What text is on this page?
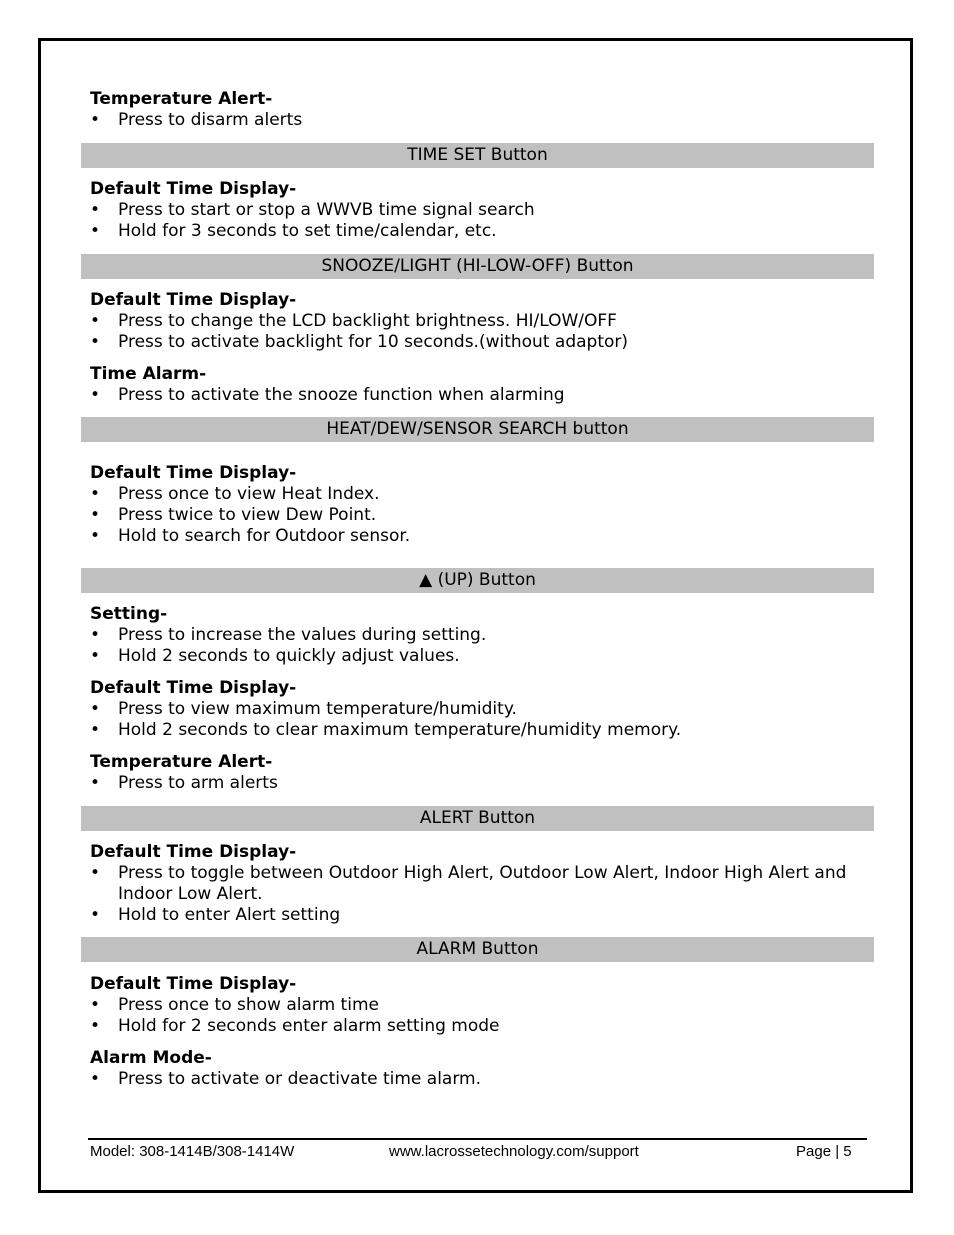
Temperature Alert-
• Press to disarm alerts
TIME SET Button
Default Time Display-
• Press to start or stop a WWVB time signal search
• Hold for 3 seconds to set time/calendar, etc.
SNOOZE/LIGHT (HI-LOW-OFF) Button
Default Time Display-
• Press to change the LCD backlight brightness. HI/LOW/OFF
• Press to activate backlight for 10 seconds.(without adaptor)
Time Alarm-
• Press to activate the snooze function when alarming
HEAT/DEW/SENSOR SEARCH button
Default Time Display-
• Press once to view Heat Index.
• Press twice to view Dew Point.
• Hold to search for Outdoor sensor.
▲ (UP) Button
Setting-
• Press to increase the values during setting.
• Hold 2 seconds to quickly adjust values.
Default Time Display-
• Press to view maximum temperature/humidity.
• Hold 2 seconds to clear maximum temperature/humidity memory.
Temperature Alert-
• Press to arm alerts
ALERT Button
Default Time Display-
• Press to toggle between Outdoor High Alert, Outdoor Low Alert, Indoor High Alert and Indoor Low Alert.
• Hold to enter Alert setting
ALARM Button
Default Time Display-
• Press once to show alarm time
• Hold for 2 seconds enter alarm setting mode
Alarm Mode-
• Press to activate or deactivate time alarm.
Model: 308-1414B/308-1414W	www.lacrossetechnology.com/support	Page | 5
